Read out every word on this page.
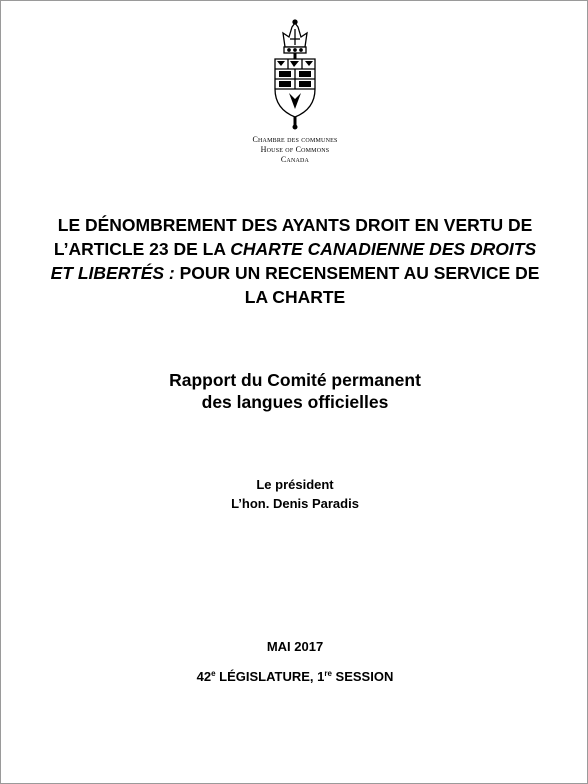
Chambre des communes
House of Commons
Canada
LE DÉNOMBREMENT DES AYANTS DROIT EN VERTU DE L’ARTICLE 23 DE LA CHARTE CANADIENNE DES DROITS ET LIBERTÉS : POUR UN RECENSEMENT AU SERVICE DE LA CHARTE
Rapport du Comité permanent
des langues officielles
Le président
L’hon. Denis Paradis
MAI 2017
42e LÉGISLATURE, 1re SESSION
